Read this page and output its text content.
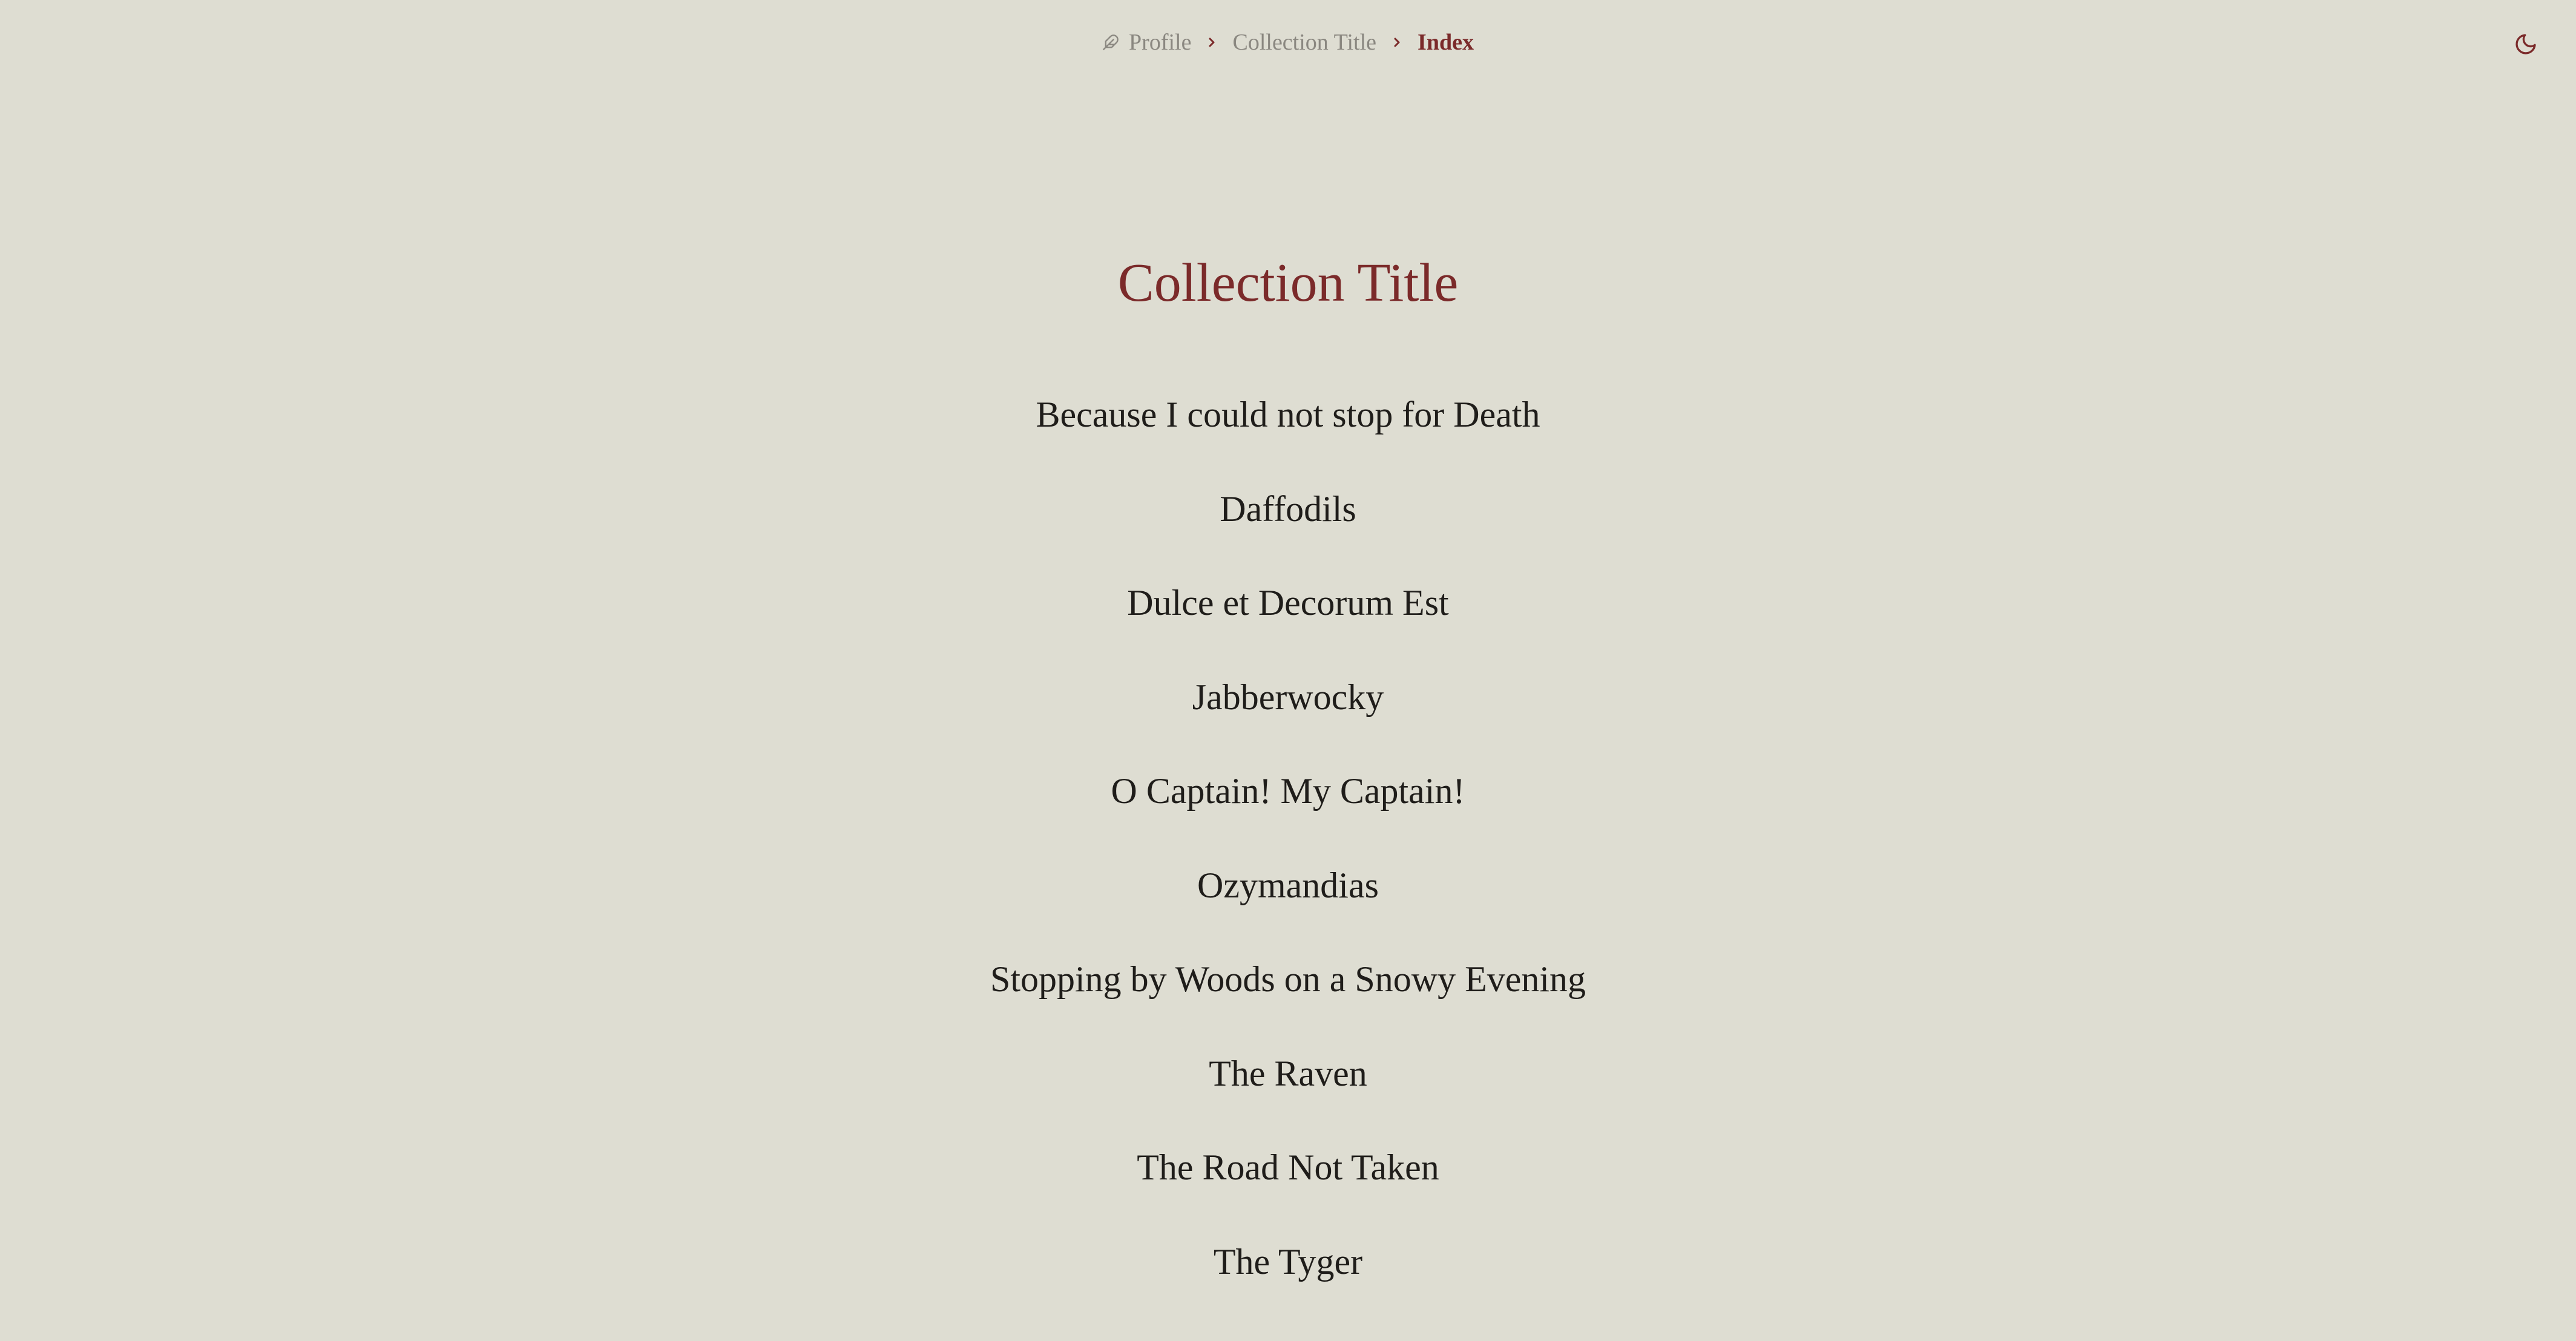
Profile Collection Title Index
Collection Title
Because I could not stop for Death
Daffodils
Dulce et Decorum Est
Jabberwocky
O Captain! My Captain!
Ozymandias
Stopping by Woods on a Snowy Evening
The Raven
The Road Not Taken
The Tyger
